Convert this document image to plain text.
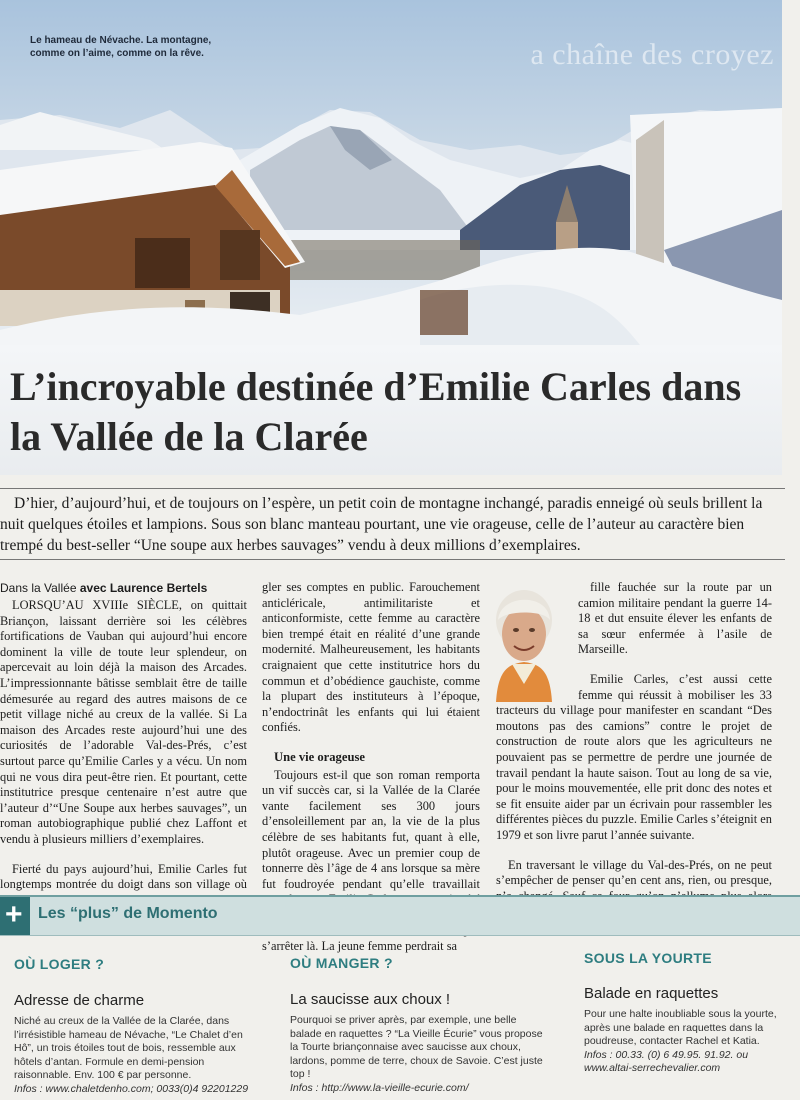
Le hameau de Névache. La montagne, comme on l’aime, comme on la rêve.	a chaîne des croyez
L’incroyable destinée d’Emilie Carles dans la Vallée de la Clarée
D’hier, d’aujourd’hui, et de toujours on l’espère, un petit coin de montagne inchangé, paradis enneigé où seuls brillent la nuit quelques étoiles et lampions. Sous son blanc manteau pourtant, une vie orageuse, celle de l’auteur au caractère bien trempé du best-seller “Une soupe aux herbes sauvages” vendu à deux millions d’exemplaires.
Dans la Vallée avec Laurence Bertels

LORSQU’AU XVIIIe SIÈCLE, on quittait Briançon, laissant derrière soi les célèbres fortifications de Vauban qui aujourd’hui encore dominent la ville de toute leur splendeur, on apercevait au loin déjà la maison des Arcades. L’impressionnante bâtisse semblait être de taille démesurée au regard des autres maisons de ce petit village niché au creux de la vallée. Si La maison des Arcades reste aujourd’hui une des curiosités de l’adorable Val-des-Prés, c’est surtout parce qu’Emilie Carles y a vécu. Un nom qui ne vous dira peut-être rien. Et pourtant, cette institutrice presque centenaire n’est autre que l’auteur d’“Une Soupe aux herbes sauvages”, un roman autobiographique publié chez Laffont et vendu à plusieurs milliers d’exemplaires.

Fierté du pays aujourd’hui, Emilie Carles fut longtemps montrée du doigt dans son village où

gler ses comptes en public. Farouchement anticléricale, antimilitariste et anticonformiste, cette femme au caractère bien trempé était en réalité d’une grande modernité. Malheureusement, les habitants craignaient que cette institutrice hors du commun et d’obédience gauchiste, comme la plupart des instituteurs à l’époque, n’endoctrinât les enfants qui lui étaient confiés.

Une vie orageuse

Toujours est-il que son roman remporta un vif succès car, si la Vallée de la Clarée vante facilement ses 300 jours d’ensoleillement par an, la vie de la plus célèbre de ses habitants fut, quant à elle, plutôt orageuse. Avec un premier coup de tonnerre dès l’âge de 4 ans lorsque sa mère fut foudroyée pendant qu’elle travaillait s’arrêter là. La jeune femme perdrait sa

fille fauchée sur la route par un camion militaire pendant la guerre 14-18 et dut ensuite élever les enfants de sa sœur enfermée à l’asile de Marseille.

Emilie Carles, c’est aussi cette femme qui réussit à mobiliser les 33 tracteurs du village pour manifester en scandant “Des moutons pas des camions” contre le projet de construction de route alors que les agriculteurs ne pouvaient pas se permettre de perdre une journée de travail pendant la haute saison. Tout au long de sa vie, pour le moins mouvementée, elle prit donc des notes et se fit ensuite aider par un écrivain pour rassembler les différentes pièces du puzzle. Emilie Carles s’éteignit en 1979 et son livre parut l’année suivante.

En traversant le village du Val-des-Prés, on ne peut s’empêcher de penser qu’en cent ans, rien, ou presque,

+ Les “plus” de Momento
OÙ LOGER ?
Adresse de charme
Niché au creux de la Vallée de la Clarée, dans l’irrésistible hameau de Névache, “Le Chalet d’en Hô”, un trois étoiles tout de bois, ressemble aux hôtels d’antan. Formule en demi-pension raisonnable. Env. 100 € par personne.
Infos : www.chaletdenho.com; 0033(0)4 92201229
OÙ MANGER ?
La saucisse aux choux !
Pourquoi se priver après, par exemple, une belle balade en raquettes ? “La Vieille Écurie” vous propose la Tourte briançonnaise avec saucisse aux choux, lardons, pomme de terre, choux de Savoie. C’est juste top !
Infos : http://www.la-vieille-ecurie.com/
SOUS LA YOURTE
Balade en raquettes
Pour une halte inoubliable sous la yourte, après une balade en raquettes dans la poudreuse, contacter Rachel et Katia.
Infos : 00.33. (0) 6 49.95. 91.92. ou www.altai-serrechevalier.com
